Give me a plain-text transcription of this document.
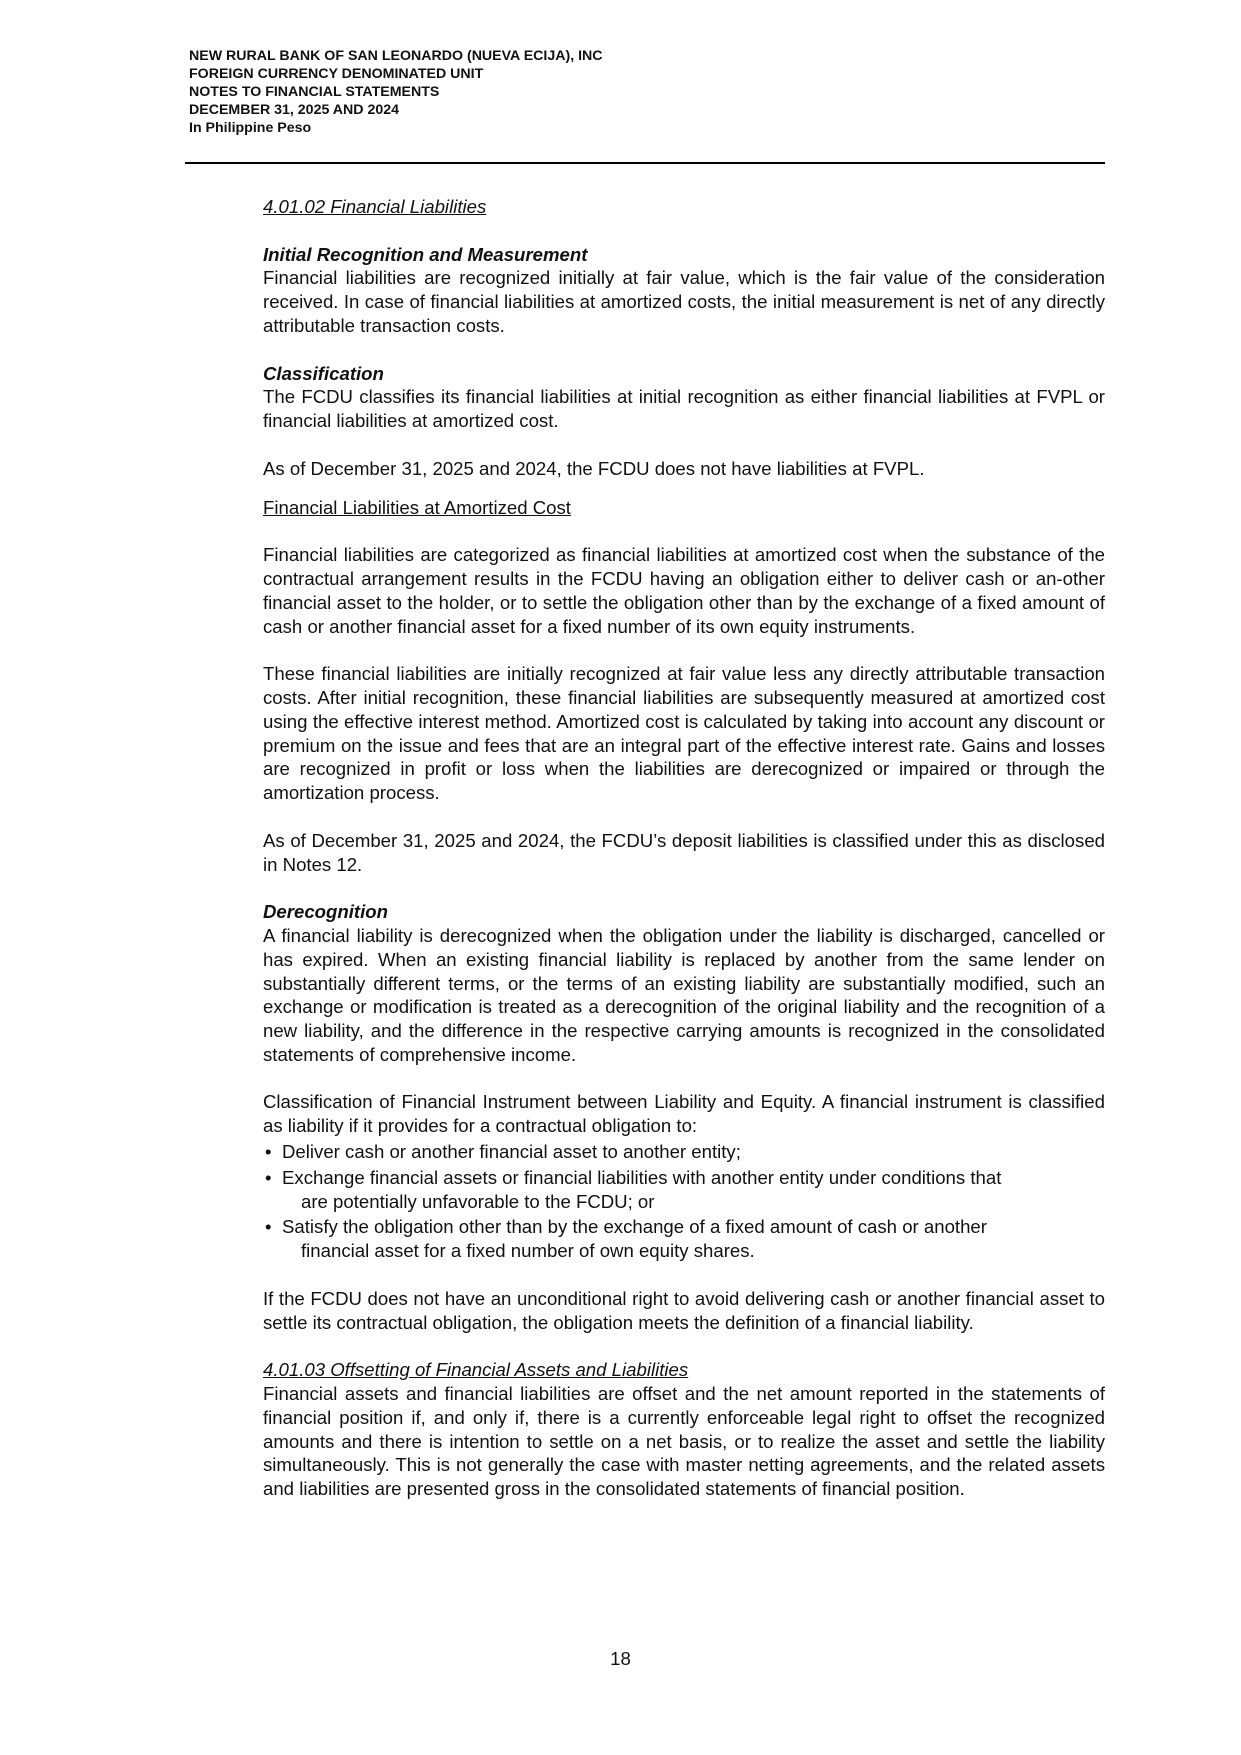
NEW RURAL BANK OF SAN LEONARDO (NUEVA ECIJA), INC
FOREIGN CURRENCY DENOMINATED UNIT
NOTES TO FINANCIAL STATEMENTS
DECEMBER 31, 2025 AND 2024
In Philippine Peso

4.01.02 Financial Liabilities

Initial Recognition and Measurement

Financial liabilities are recognized initially at fair value, which is the fair value of the consideration received. In case of financial liabilities at amortized costs, the initial measurement is net of any directly attributable transaction costs.

Classification

The FCDU classifies its financial liabilities at initial recognition as either financial liabilities at FVPL or financial liabilities at amortized cost.

As of December 31, 2025 and 2024, the FCDU does not have liabilities at FVPL.

Financial Liabilities at Amortized Cost

Financial liabilities are categorized as financial liabilities at amortized cost when the substance of the contractual arrangement results in the FCDU having an obligation either to deliver cash or an-other financial asset to the holder, or to settle the obligation other than by the exchange of a fixed amount of cash or another financial asset for a fixed number of its own equity instruments.

These financial liabilities are initially recognized at fair value less any directly attributable transaction costs. After initial recognition, these financial liabilities are subsequently measured at amortized cost using the effective interest method. Amortized cost is calculated by taking into account any discount or premium on the issue and fees that are an integral part of the effective interest rate. Gains and losses are recognized in profit or loss when the liabilities are derecognized or impaired or through the amortization process.

As of December 31, 2025 and 2024, the FCDU’s deposit liabilities is classified under this as disclosed in Notes 12.

Derecognition

A financial liability is derecognized when the obligation under the liability is discharged, cancelled or has expired. When an existing financial liability is replaced by another from the same lender on substantially different terms, or the terms of an existing liability are substantially modified, such an exchange or modification is treated as a derecognition of the original liability and the recognition of a new liability, and the difference in the respective carrying amounts is recognized in the consolidated statements of comprehensive income.

Classification of Financial Instrument between Liability and Equity. A financial instrument is classified as liability if it provides for a contractual obligation to:

• Deliver cash or another financial asset to another entity;
• Exchange financial assets or financial liabilities with another entity under conditions that
are potentially unfavorable to the FCDU; or
• Satisfy the obligation other than by the exchange of a fixed amount of cash or another
financial asset for a fixed number of own equity shares.

If the FCDU does not have an unconditional right to avoid delivering cash or another financial asset to settle its contractual obligation, the obligation meets the definition of a financial liability.

4.01.03 Offsetting of Financial Assets and Liabilities

Financial assets and financial liabilities are offset and the net amount reported in the statements of financial position if, and only if, there is a currently enforceable legal right to offset the recognized amounts and there is intention to settle on a net basis, or to realize the asset and settle the liability simultaneously. This is not generally the case with master netting agreements, and the related assets and liabilities are presented gross in the consolidated statements of financial position.

18
